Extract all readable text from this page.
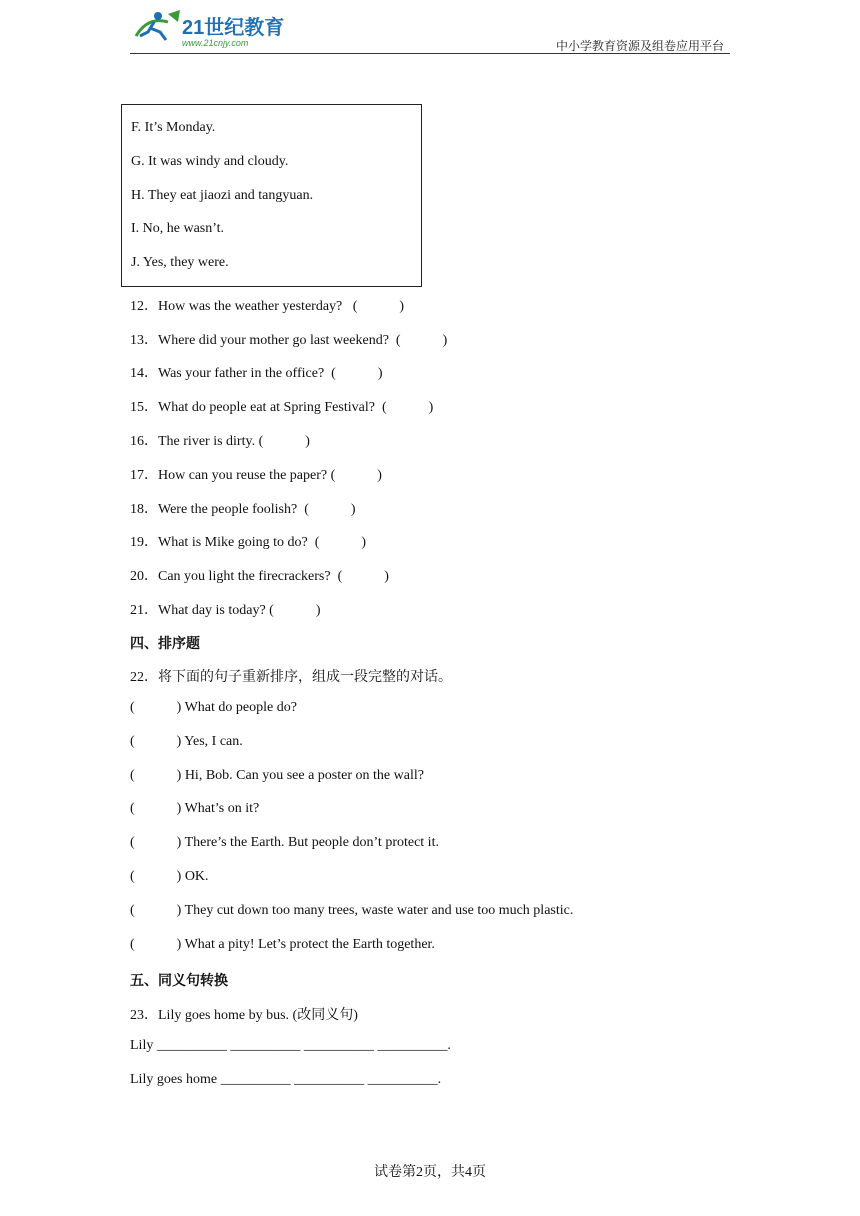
21世纪教育
www.21cnjy.com	中小学教育资源及组卷应用平台
F. It’s Monday.
G. It was windy and cloudy.
H. They eat jiaozi and tangyuan.
I. No, he wasn’t.
J. Yes, they were.
12．How was the weather yesterday?   (            )
13．Where did your mother go last weekend?  (            )
14．Was your father in the office?  (            )
15．What do people eat at Spring Festival?  (            )
16．The river is dirty. (            )
17．How can you reuse the paper? (            )
18．Were the people foolish?  (            )
19．What is Mike going to do?  (            )
20．Can you light the firecrackers?  (            )
21．What day is today? (            )
四、排序题
22．将下面的句子重新排序，组成一段完整的对话。
(            ) What do people do?
(            ) Yes, I can.
(            ) Hi, Bob. Can you see a poster on the wall?
(            ) What’s on it?
(            ) There’s the Earth. But people don’t protect it.
(            ) OK.
(            ) They cut down too many trees, waste water and use too much plastic.
(            ) What a pity! Let’s protect the Earth together.
五、同义句转换
23．Lily goes home by bus. (改同义句)
Lily __________ __________ __________ __________.
Lily goes home __________ __________ __________.
试卷第2页，共4页
